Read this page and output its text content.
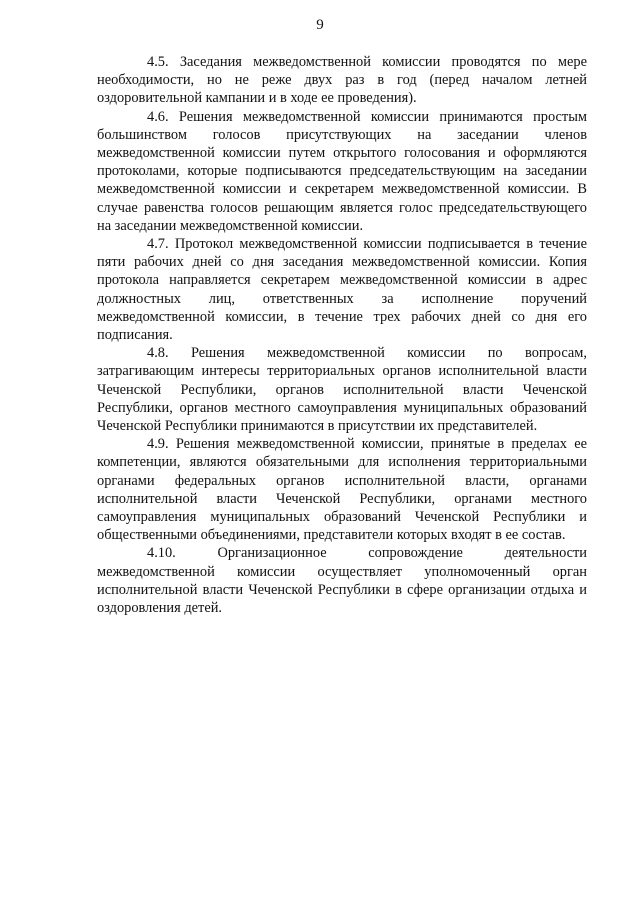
9

4.5. Заседания межведомственной комиссии проводятся по мере необходимости, но не реже двух раз в год (перед началом летней оздоровительной кампании и в ходе ее проведения).

4.6. Решения межведомственной комиссии принимаются простым большинством голосов присутствующих на заседании членов межведомственной комиссии путем открытого голосования и оформляются протоколами, которые подписываются председательствующим на заседании межведомственной комиссии и секретарем межведомственной комиссии. В случае равенства голосов решающим является голос председательствующего на заседании межведомственной комиссии.

4.7. Протокол межведомственной комиссии подписывается в течение пяти рабочих дней со дня заседания межведомственной комиссии. Копия протокола направляется секретарем межведомственной комиссии в адрес должностных лиц, ответственных за исполнение поручений межведомственной комиссии, в течение трех рабочих дней со дня его подписания.

4.8. Решения межведомственной комиссии по вопросам, затрагивающим интересы территориальных органов исполнительной власти Чеченской Республики, органов исполнительной власти Чеченской Республики, органов местного самоуправления муниципальных образований Чеченской Республики принимаются в присутствии их представителей.

4.9. Решения межведомственной комиссии, принятые в пределах ее компетенции, являются обязательными для исполнения территориальными органами федеральных органов исполнительной власти, органами исполнительной власти Чеченской Республики, органами местного самоуправления муниципальных образований Чеченской Республики и общественными объединениями, представители которых входят в ее состав.

4.10. Организационное сопровождение деятельности межведомственной комиссии осуществляет уполномоченный орган исполнительной власти Чеченской Республики в сфере организации отдыха и оздоровления детей.
